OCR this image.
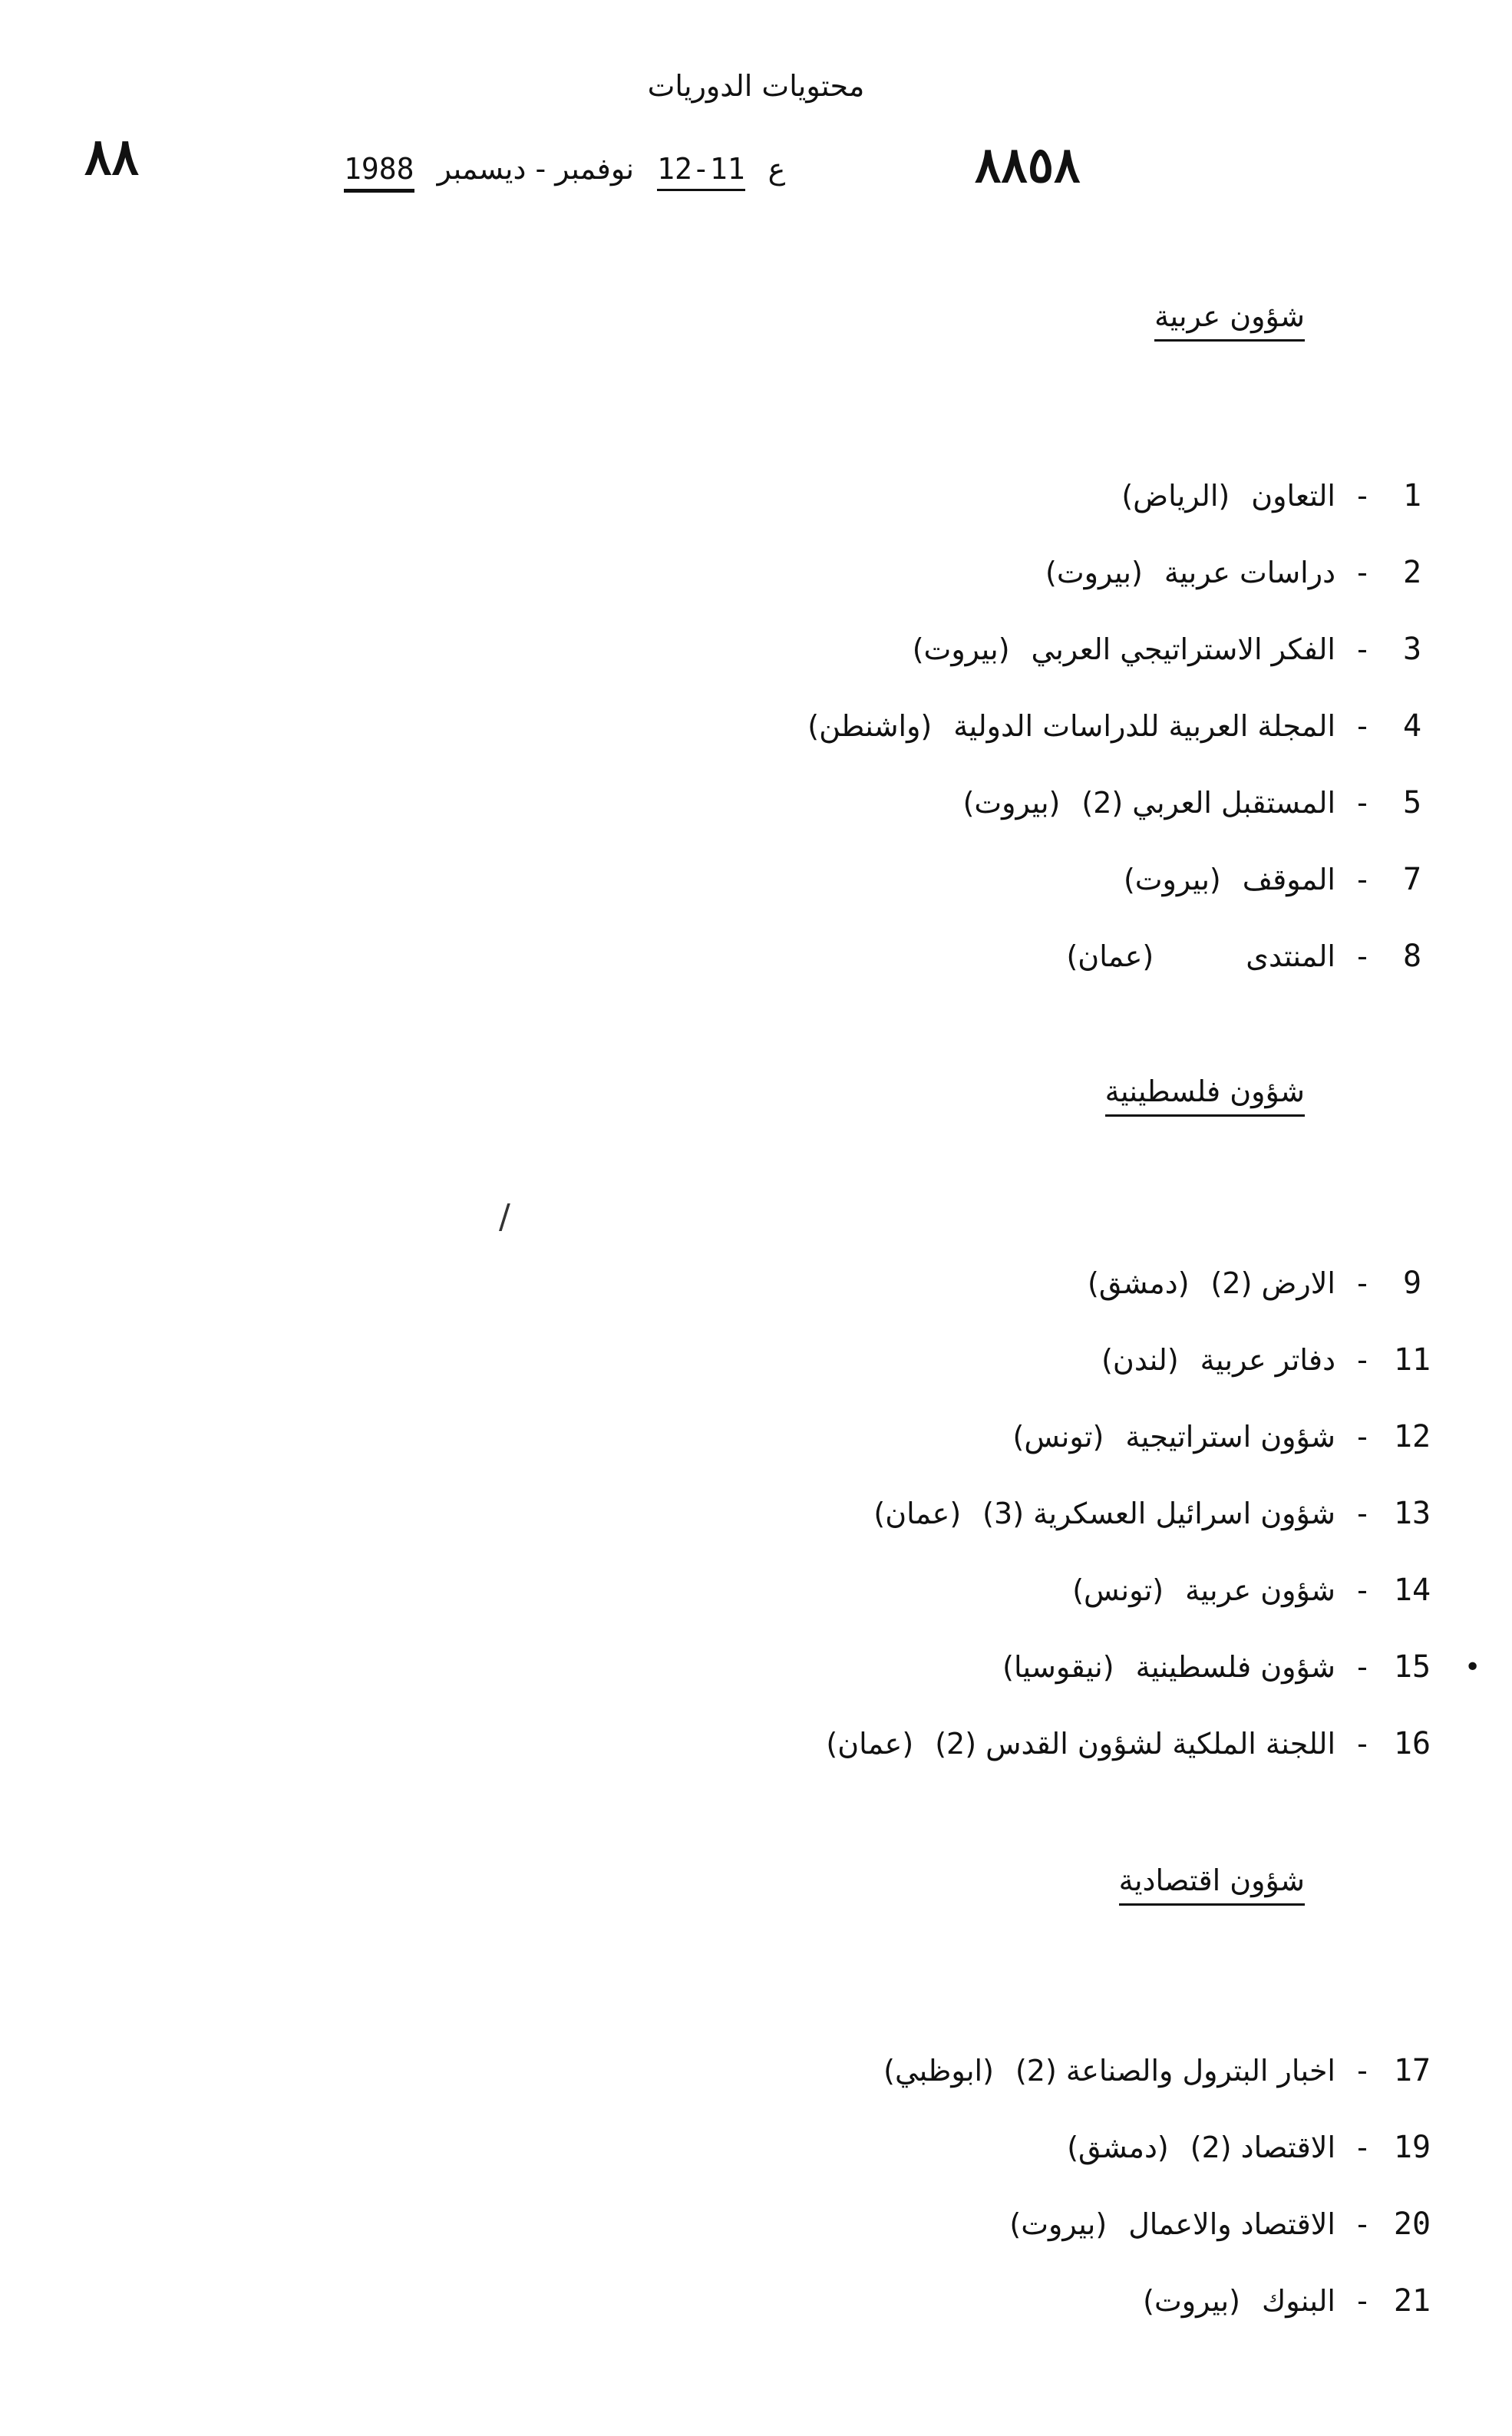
محتويات الدوريات
٨٨	٨٨٥٨
ع 11-12 نوفمبر - ديسمبر 1988
شؤون عربية
1
-
التعاون
(الرياض)
2
-
دراسات عربية
(بيروت)
3
-
الفكر الاستراتيجي العربي
(بيروت)
4
-
المجلة العربية للدراسات الدولية
(واشنطن)
5
-
المستقبل العربي (2)
(بيروت)
7
-
الموقف
(بيروت)
8
-
المنتدى
(عمان)
شؤون فلسطينية
/
9
-
الارض (2)
(دمشق)
11
-
دفاتر عربية
(لندن)
12
-
شؤون استراتيجية
(تونس)
13
-
شؤون اسرائيل العسكرية (3)
(عمان)
14
-
شؤون عربية
(تونس)
15
-
شؤون فلسطينية
(نيقوسيا)
16
-
اللجنة الملكية لشؤون القدس (2)
(عمان)
•
شؤون اقتصادية
17
-
اخبار البترول والصناعة (2)
(ابوظبي)
19
-
الاقتصاد (2)
(دمشق)
20
-
الاقتصاد والاعمال
(بيروت)
21
-
البنوك
(بيروت)
